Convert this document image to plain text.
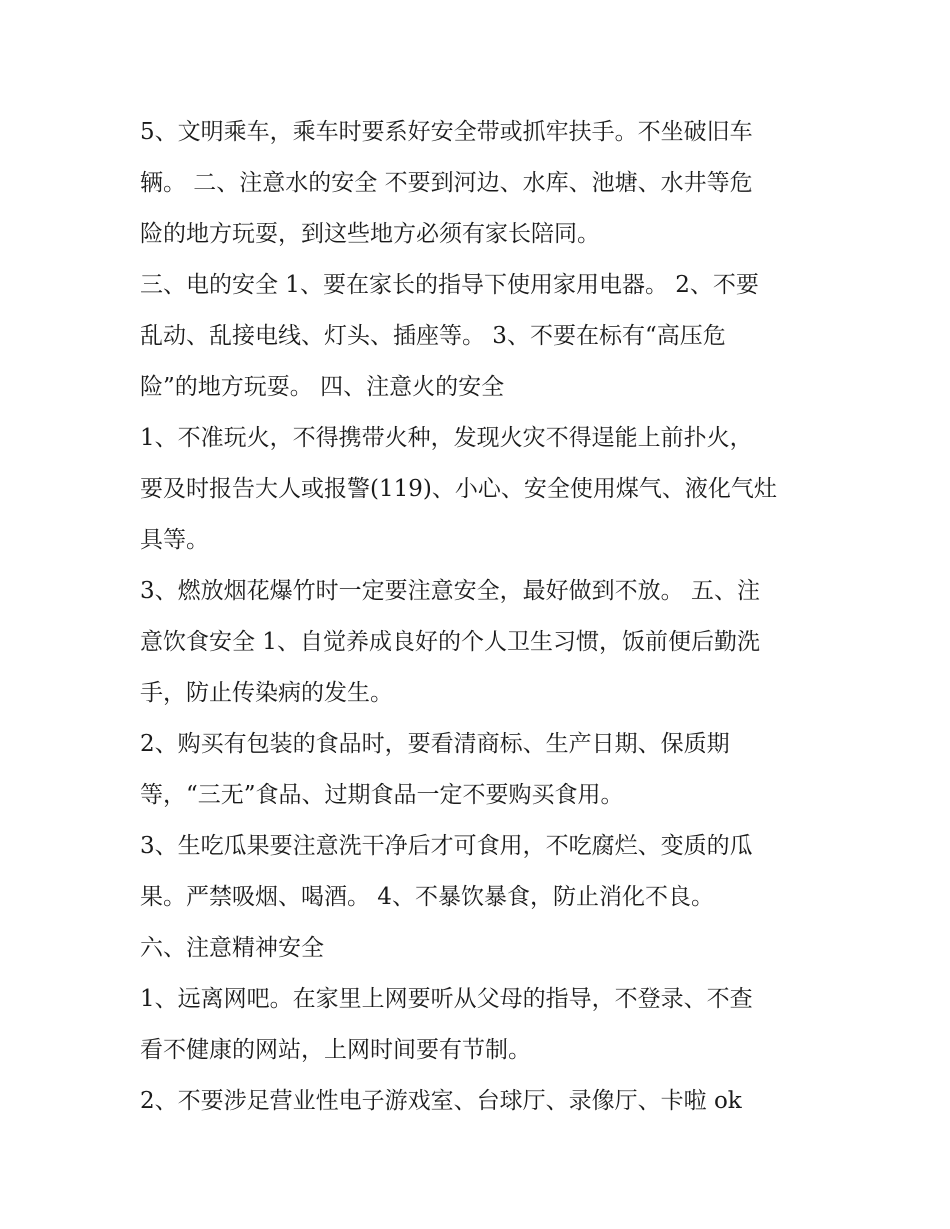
5、文明乘车，乘车时要系好安全带或抓牢扶手。不坐破旧车
辆。 二、注意水的安全 不要到河边、水库、池塘、水井等危
险的地方玩耍，到这些地方必须有家长陪同。

三、电的安全 1、要在家长的指导下使用家用电器。 2、不要
乱动、乱接电线、灯头、插座等。 3、不要在标有“高压危
险”的地方玩耍。 四、注意火的安全

1、不准玩火，不得携带火种，发现火灾不得逞能上前扑火，
要及时报告大人或报警(119)、小心、安全使用煤气、液化气灶
具等。

3、燃放烟花爆竹时一定要注意安全，最好做到不放。 五、注
意饮食安全 1、自觉养成良好的个人卫生习惯，饭前便后勤洗
手，防止传染病的发生。

2、购买有包装的食品时，要看清商标、生产日期、保质期
等，“三无”食品、过期食品一定不要购买食用。

3、生吃瓜果要注意洗干净后才可食用，不吃腐烂、变质的瓜
果。严禁吸烟、喝酒。 4、不暴饮暴食，防止消化不良。

六、注意精神安全

1、远离网吧。在家里上网要听从父母的指导，不登录、不查
看不健康的网站，上网时间要有节制。

2、不要涉足营业性电子游戏室、台球厅、录像厅、卡啦 ok
